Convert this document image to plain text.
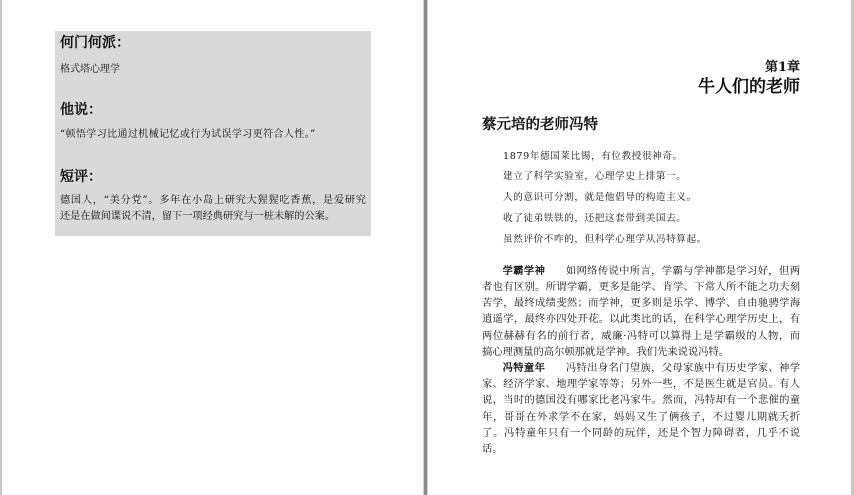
何门何派：

格式塔心理学

他说：

“顿悟学习比通过机械记忆或行为试误学习更符合人性。”

短评：
德国人，“美分党”。多年在小岛上研究大猩猩吃香蕉，是爱研究
还是在做间谍说不清，留下一项经典研究与一桩未解的公案。
第1章
牛人们的老师
蔡元培的老师冯特
1879年德国莱比锡，有位教授很神奇。
建立了科学实验室，心理学史上排第一。
人的意识可分割，就是他倡导的构造主义。
收了徒弟铁铁的，还把这套带到美国去。
虽然评价不咋的，但科学心理学从冯特算起。
学霸学神 如网络传说中所言，学霸与学神都是学习好，但两
者也有区别。所谓学霸，更多是能学、肯学、下常人所不能之功夫刻
苦学，最终成绩斐然；而学神，更多则是乐学、博学、自由驰骋学海
逍遥学，最终亦四处开花。以此类比的话，在科学心理学历史上，有
两位赫赫有名的前行者，威廉·冯特可以算得上是学霸级的人物，而
搞心理测量的高尔顿那就是学神。我们先来说说冯特。
冯特童年 冯特出身名门望族，父母家族中有历史学家、神学
家、经济学家、地理学家等等；另外一些，不是医生就是官员。有人
说，当时的德国没有哪家比老冯家牛。然而，冯特却有一个悲催的童
年，哥哥在外求学不在家，妈妈又生了俩孩子，不过婴儿期就夭折
了。冯特童年只有一个同龄的玩伴，还是个智力障碍者，几乎不说
话。
